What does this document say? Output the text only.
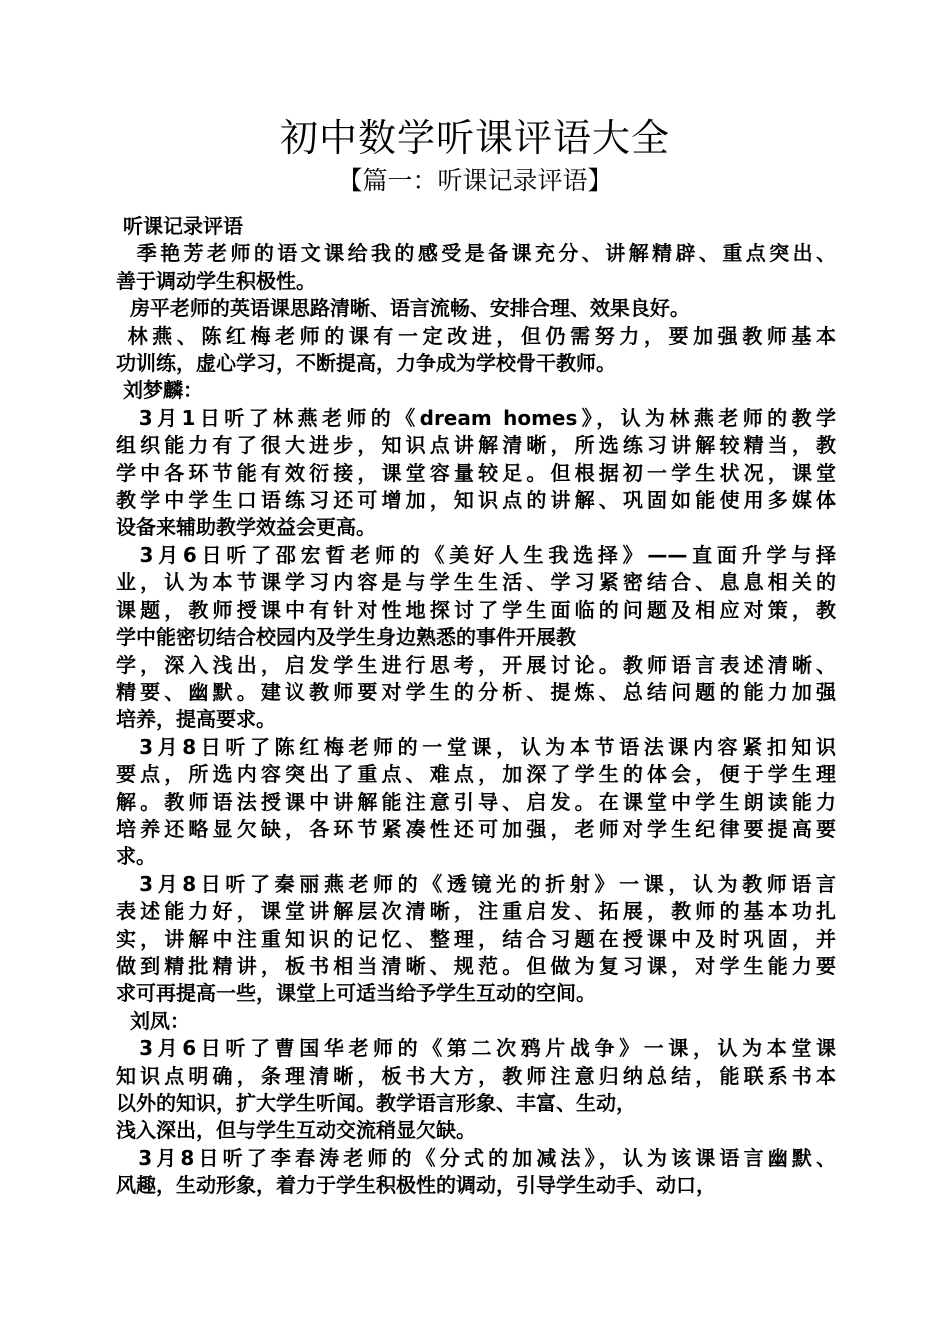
初中数学听课评语大全
【篇一：听课记录评语】
听课记录评语
季艳芳老师的语文课给我的感受是备课充分、讲解精辟、重点突出、
善于调动学生积极性。
房平老师的英语课思路清晰、语言流畅、安排合理、效果良好。
林燕、陈红梅老师的课有一定改进，但仍需努力，要加强教师基本
功训练，虚心学习，不断提高，力争成为学校骨干教师。
刘梦麟：
3月1日听了林燕老师的《dream homes》，认为林燕老师的教学
组织能力有了很大进步，知识点讲解清晰，所选练习讲解较精当，教
学中各环节能有效衍接，课堂容量较足。但根据初一学生状况，课堂
教学中学生口语练习还可增加，知识点的讲解、巩固如能使用多媒体
设备来辅助教学效益会更高。
3月6日听了邵宏晢老师的《美好人生我选择》——直面升学与择
业，认为本节课学习内容是与学生生活、学习紧密结合、息息相关的
课题，教师授课中有针对性地探讨了学生面临的问题及相应对策，教
学中能密切结合校园内及学生身边熟悉的事件开展教
学，深入浅出，启发学生进行思考，开展讨论。教师语言表述清晰、
精要、幽默。建议教师要对学生的分析、提炼、总结问题的能力加强
培养，提高要求。
3月8日听了陈红梅老师的一堂课，认为本节语法课内容紧扣知识
要点，所选内容突出了重点、难点，加深了学生的体会，便于学生理
解。教师语法授课中讲解能注意引导、启发。在课堂中学生朗读能力
培养还略显欠缺，各环节紧凑性还可加强，老师对学生纪律要提高要
求。
3月8日听了秦丽燕老师的《透镜光的折射》一课，认为教师语言
表述能力好，课堂讲解层次清晰，注重启发、拓展，教师的基本功扎
实，讲解中注重知识的记忆、整理，结合习题在授课中及时巩固，并
做到精批精讲，板书相当清晰、规范。但做为复习课，对学生能力要
求可再提高一些，课堂上可适当给予学生互动的空间。
刘凤：
3月6日听了曹国华老师的《第二次鸦片战争》一课，认为本堂课
知识点明确，条理清晰，板书大方，教师注意归纳总结，能联系书本
以外的知识，扩大学生听闻。教学语言形象、丰富、生动，
浅入深出，但与学生互动交流稍显欠缺。
3月8日听了李春涛老师的《分式的加减法》，认为该课语言幽默、
风趣，生动形象，着力于学生积极性的调动，引导学生动手、动口，
